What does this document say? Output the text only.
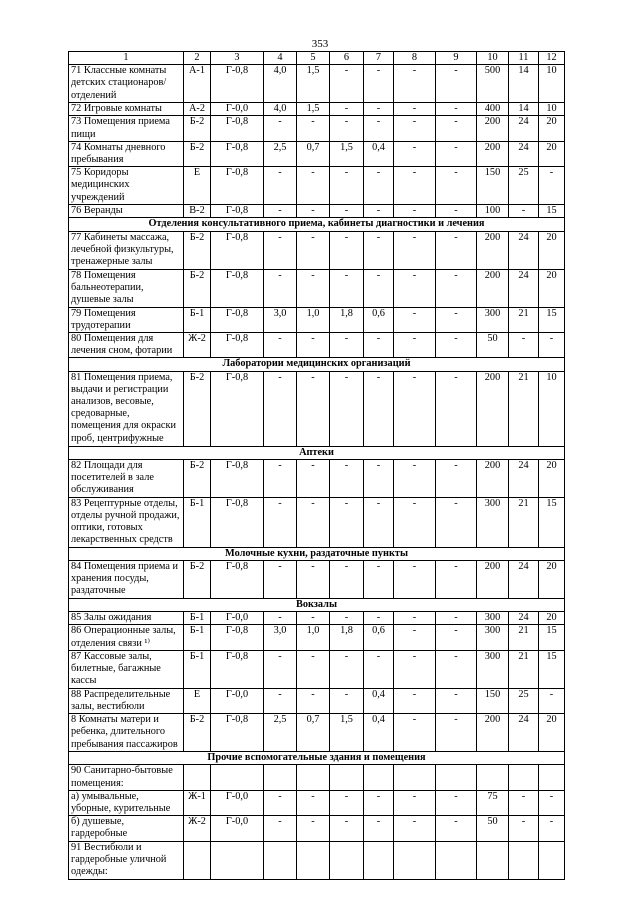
353
1	2	3	4	5	6	7	8	9	10	11	12
71 Классные комнаты детских стационаров/отделений	А-1	Г-0,8	4,0	1,5	-	-	-	-	500	14	10
72 Игровые комнаты	А-2	Г-0,0	4,0	1,5	-	-	-	-	400	14	10
73 Помещения приема пищи	Б-2	Г-0,8	-	-	-	-	-	-	200	24	20
74 Комнаты дневного пребывания	Б-2	Г-0,8	2,5	0,7	1,5	0,4	-	-	200	24	20
75 Коридоры медицинских учреждений	Е	Г-0,8	-	-	-	-	-	-	150	25	-
76 Веранды	В-2	Г-0,8	-	-	-	-	-	-	100	-	15
Отделения консультативного приема, кабинеты диагностики и лечения											
77 Кабинеты массажа, лечебной физкультуры, тренажерные залы	Б-2	Г-0,8	-	-	-	-	-	-	200	24	20
78 Помещения бальнеотерапии, душевые залы	Б-2	Г-0,8	-	-	-	-	-	-	200	24	20
79 Помещения трудотерапии	Б-1	Г-0,8	3,0	1,0	1,8	0,6	-	-	300	21	15
80 Помещения для лечения сном, фотарии	Ж-2	Г-0,8	-	-	-	-	-	-	50	-	-
Лаборатории медицинских организаций											
81 Помещения приема, выдачи и регистрации анализов, весовые, средоварные, помещения для окраски проб, центрифужные	Б-2	Г-0,8	-	-	-	-	-	-	200	21	10
Аптеки											
82 Площади для посетителей в зале обслуживания	Б-2	Г-0,8	-	-	-	-	-	-	200	24	20
83 Рецептурные отделы, отделы ручной продажи, оптики, готовых лекарственных средств	Б-1	Г-0,8	-	-	-	-	-	-	300	21	15
Молочные кухни, раздаточные пункты											
84 Помещения приема и хранения посуды, раздаточные	Б-2	Г-0,8	-	-	-	-	-	-	200	24	20
Вокзалы											
85 Залы ожидания	Б-1	Г-0,0	-	-	-	-	-	-	300	24	20
86 Операционные залы, отделения связи ¹⁾	Б-1	Г-0,8	3,0	1,0	1,8	0,6	-	-	300	21	15
87 Кассовые залы, билетные, багажные кассы	Б-1	Г-0,8	-	-	-	-	-	-	300	21	15
88 Распределительные залы, вестибюли	Е	Г-0,0	-	-	-	0,4	-	-	150	25	-
8 Комнаты матери и ребенка, длительного пребывания пассажиров	Б-2	Г-0,8	2,5	0,7	1,5	0,4	-	-	200	24	20
Прочие вспомогательные здания и помещения											
90 Санитарно-бытовые помещения:											
а) умывальные, уборные, курительные	Ж-1	Г-0,0	-	-	-	-	-	-	75	-	-
б) душевые, гардеробные	Ж-2	Г-0,0	-	-	-	-	-	-	50	-	-
91 Вестибюли и гардеробные уличной одежды:											
